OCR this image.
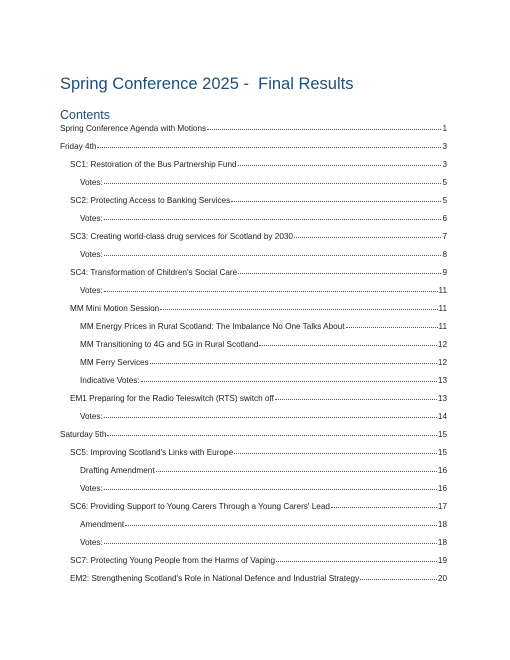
Spring Conference 2025 -  Final Results
Contents
Spring Conference Agenda with Motions	1
Friday 4th	3
SC1: Restoration of the Bus Partnership Fund	3
Votes:	5
SC2: Protecting Access to Banking Services	5
Votes:	6
SC3: Creating world-class drug services for Scotland by 2030	7
Votes:	8
SC4: Transformation of Children's Social Care	9
Votes:	11
MM Mini Motion Session	11
MM Energy Prices in Rural Scotland: The Imbalance No One Talks About	11
MM Transitioning to 4G and 5G in Rural Scotland	12
MM Ferry Services	12
Indicative Votes:	13
EM1 Preparing for the Radio Teleswitch (RTS) switch off	13
Votes:	14
Saturday 5th	15
SC5: Improving Scotland's Links with Europe	15
Drafting Amendment	16
Votes:	16
SC6: Providing Support to Young Carers Through a Young Carers' Lead	17
Amendment	18
Votes:	18
SC7: Protecting Young People from the Harms of Vaping	19
EM2: Strengthening Scotland's Role in National Defence and Industrial Strategy	20
